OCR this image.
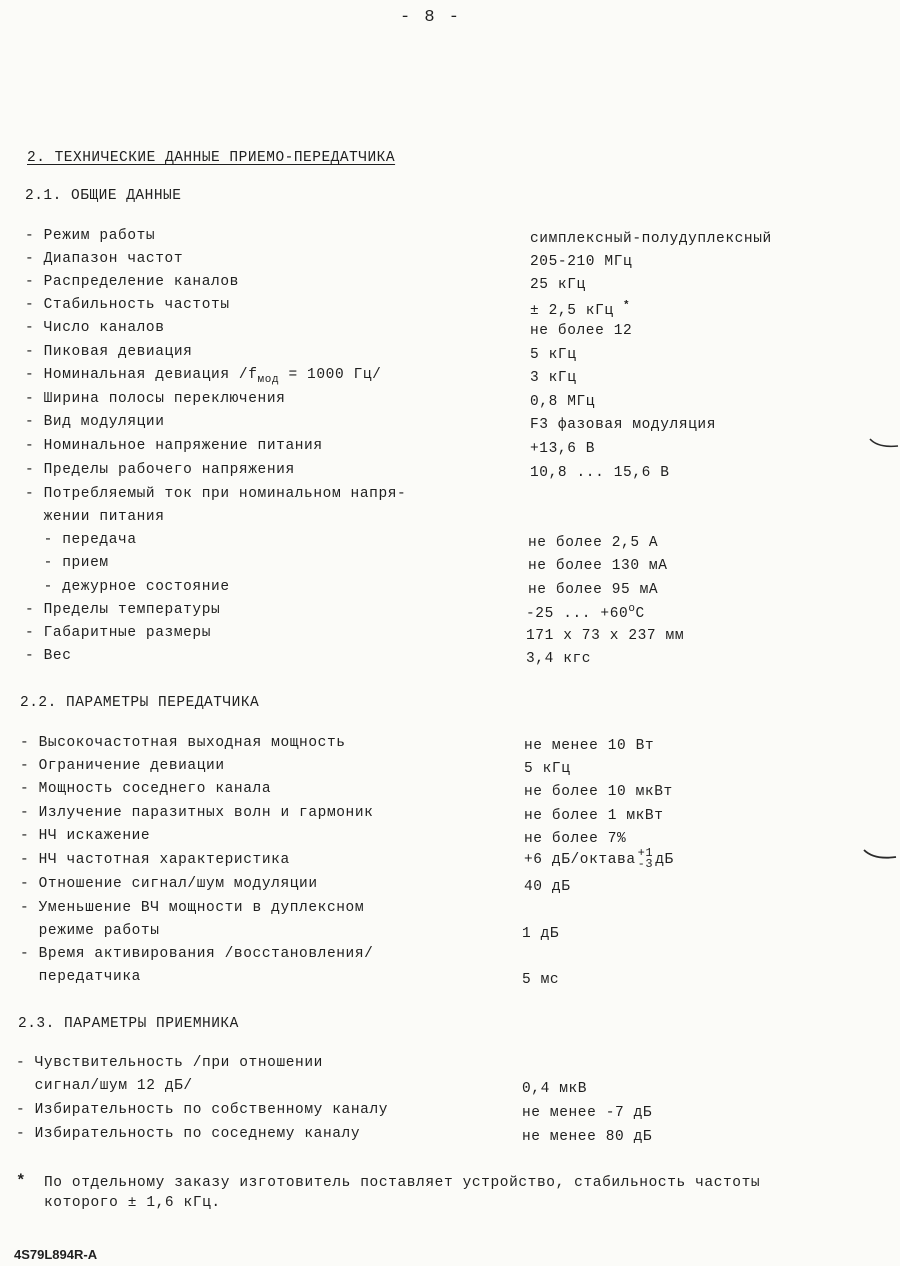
- 8 -
2. ТЕХНИЧЕСКИЕ ДАННЫЕ ПРИЕМО-ПЕРЕДАТЧИКА
2.1. ОБЩИЕ ДАННЫЕ
- Режим работы	симплексный-полудуплексный
- Диапазон частот	205-210 МГц
- Распределение каналов	25 кГц
- Стабильность частоты	± 2,5 кГц *
- Число каналов	не более 12
- Пиковая девиация	5 кГц
- Номинальная девиация $/f_{мод} = 1000$ Гц/	3 кГц
- Ширина полосы переключения	0,8 МГц
- Вид модуляции	F3 фазовая модуляция
- Номинальное напряжение питания	+13,6 В
- Пределы рабочего напряжения	10,8 ... 15,6 В
- Потребляемый ток при номинальном напря-
жении питания
- передача	не более 2,5 А
- прием	не более 130 мА
- дежурное состояние	не более 95 мА
- Пределы температуры	-25 ... $+60^oC$
- Габаритные размеры	171 x 73 x 237 мм
- Вес	3,4 кгс
2.2. ПАРАМЕТРЫ ПЕРЕДАТЧИКА
- Высокочастотная выходная мощность	не менее 10 Вт
- Ограничение девиации	5 кГц
- Мощность соседнего канала	не более 10 мкВт
- Излучение паразитных волн и гармоник	не более 1 мкВт
- НЧ искажение	не более 7%
- НЧ частотная характеристика	+6 дБ/октава +1
-3 дБ
- Отношение сигнал/шум модуляции	40 дБ
- Уменьшение ВЧ мощности в дуплексном
режиме работы	1 дБ
- Время активирования /восстановления/
передатчика	5 мс
2.3. ПАРАМЕТРЫ ПРИЕМНИКА
- Чувствительность /при отношении
сигнал/шум 12 дБ/	0,4 мкВ
- Избирательность по собственному каналу	не менее -7 дБ
- Избирательность по соседнему каналу	не менее 80 дБ
* По отдельному заказу изготовитель поставляет устройство, стабильность частоты
которого ± 1,6 кГц.
4S79L894R-A
